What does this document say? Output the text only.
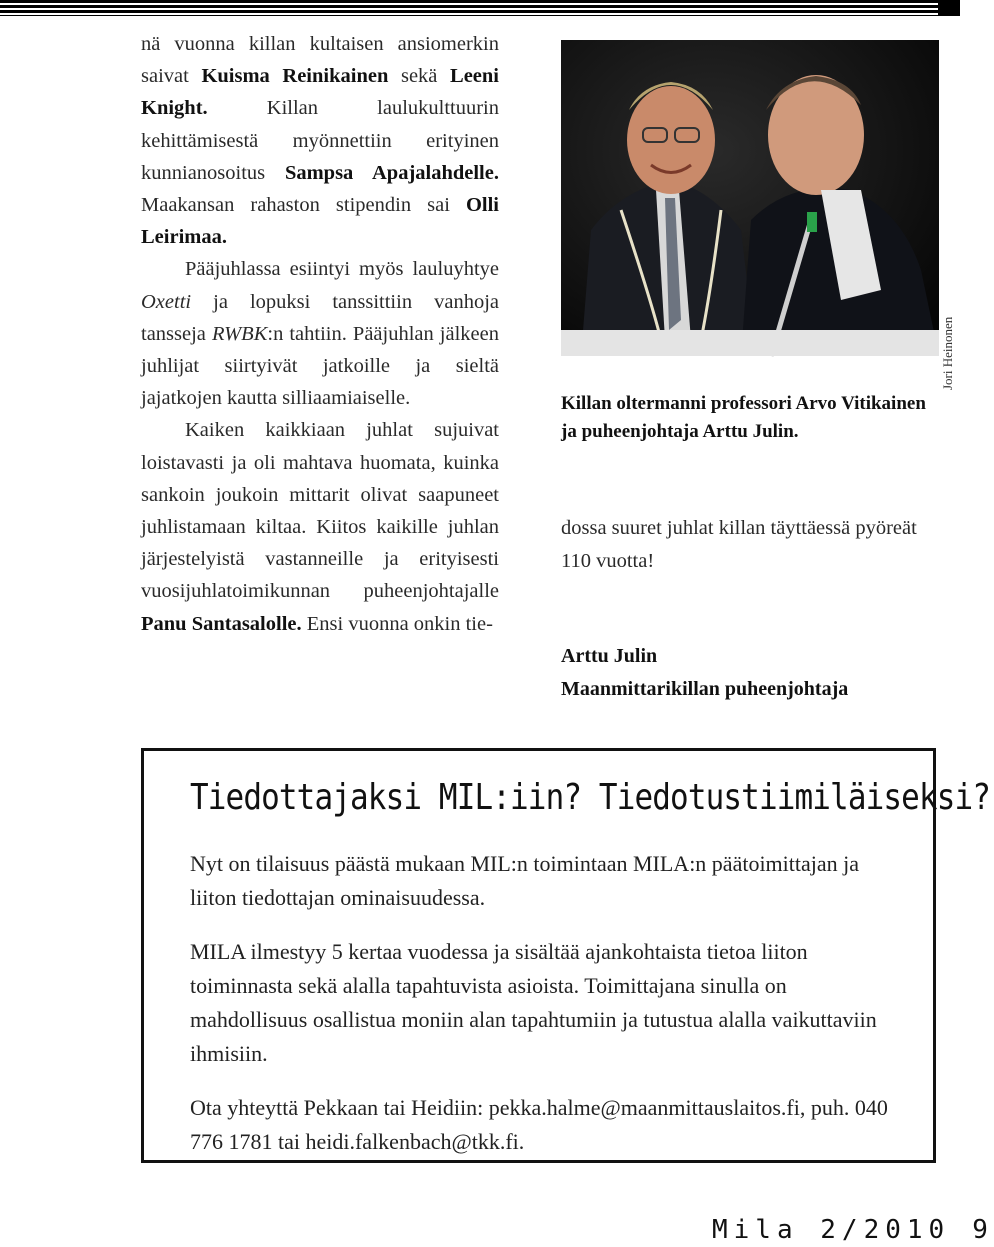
nä vuonna killan kultaisen ansiomerkin saivat Kuisma Reinikainen sekä Leeni Knight. Killan laulukulttuurin kehittämisestä myönnettiin erityinen kunnianosoitus Sampsa Apajalahdelle. Maakansan rahaston stipendin sai Olli Leirimaa.

Pääjuhlassa esiintyi myös lauluyhtye Oxetti ja lopuksi tanssittiin vanhoja tansseja RWBK:n tahtiin. Pääjuhlan jälkeen juhlijat siirtyivät jatkoille ja sieltä jajatkojen kautta silliaamiaiselle.

Kaiken kaikkiaan juhlat sujuivat loistavasti ja oli mahtava huomata, kuinka sankoin joukoin mittarit olivat saapuneet juhlistamaan kiltaa. Kiitos kaikille juhlan järjestelyistä vastanneille ja erityisesti vuosijuhlatoimikunnan puheenjohtajalle Panu Santasalolle. Ensi vuonna onkin tie-

Jori Heinonen
Killan oltermanni professori Arvo Vitikainen ja puheenjohtaja Arttu Julin.
dossa suuret juhlat killan täyttäessä pyöreät 110 vuotta!
Arttu Julin
Maanmittarikillan puheenjohtaja
Tiedottajaksi MIL:iin? Tiedotustiimiläiseksi?

Nyt on tilaisuus päästä mukaan MIL:n toimintaan MILA:n päätoimittajan ja liiton tiedottajan ominaisuudessa.

MILA ilmestyy 5 kertaa vuodessa ja sisältää ajankohtaista tietoa liiton toiminnasta sekä alalla tapahtuvista asioista. Toimittajana sinulla on mahdollisuus osallistua moniin alan tapahtumiin ja tutustua alalla vaikuttaviin ihmisiin.

Ota yhteyttä Pekkaan tai Heidiin: pekka.halme@maanmittauslaitos.fi, puh. 040 776 1781 tai heidi.falkenbach@tkk.fi.

Mila 2/2010 9
